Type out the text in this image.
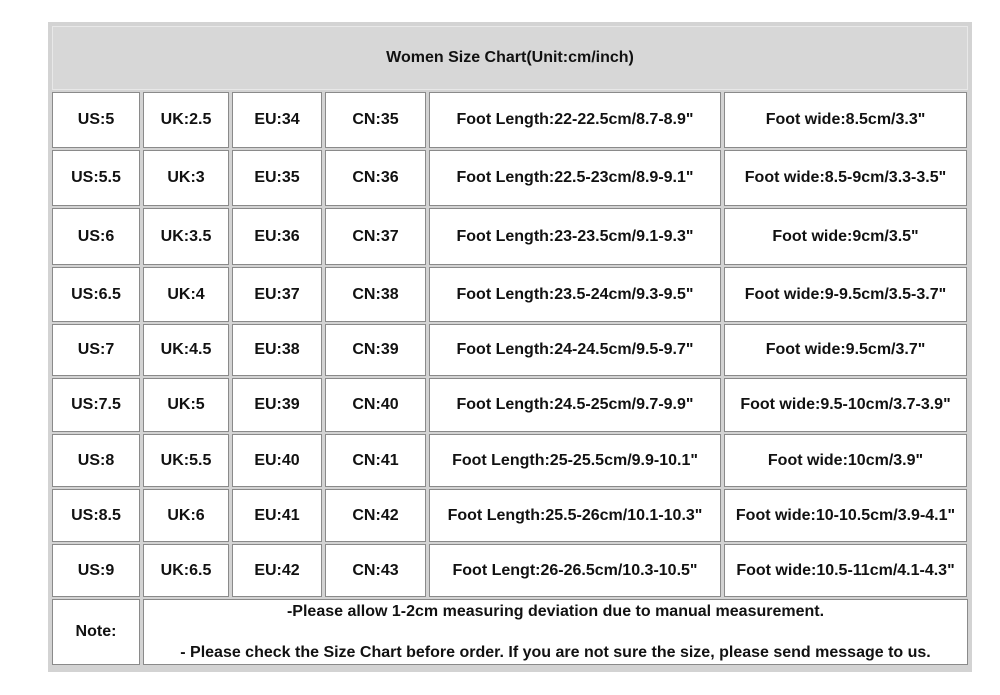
Women Size Chart(Unit:cm/inch)
US:5	UK:2.5	EU:34	CN:35	Foot Length:22-22.5cm/8.7-8.9"	Foot wide:8.5cm/3.3"
US:5.5	UK:3	EU:35	CN:36	Foot Length:22.5-23cm/8.9-9.1"	Foot wide:8.5-9cm/3.3-3.5"
US:6	UK:3.5	EU:36	CN:37	Foot Length:23-23.5cm/9.1-9.3"	Foot wide:9cm/3.5"
US:6.5	UK:4	EU:37	CN:38	Foot Length:23.5-24cm/9.3-9.5"	Foot wide:9-9.5cm/3.5-3.7"
US:7	UK:4.5	EU:38	CN:39	Foot Length:24-24.5cm/9.5-9.7"	Foot wide:9.5cm/3.7"
US:7.5	UK:5	EU:39	CN:40	Foot Length:24.5-25cm/9.7-9.9"	Foot wide:9.5-10cm/3.7-3.9"
US:8	UK:5.5	EU:40	CN:41	Foot Length:25-25.5cm/9.9-10.1"	Foot wide:10cm/3.9"
US:8.5	UK:6	EU:41	CN:42	Foot Length:25.5-26cm/10.1-10.3"	Foot wide:10-10.5cm/3.9-4.1"
US:9	UK:6.5	EU:42	CN:43	Foot Lengt:26-26.5cm/10.3-10.5"	Foot wide:10.5-11cm/4.1-4.3"
Note:
-Please allow 1-2cm measuring deviation due to manual measurement.
- Please check the Size Chart before order. If you are not sure the size, please send message to us.
